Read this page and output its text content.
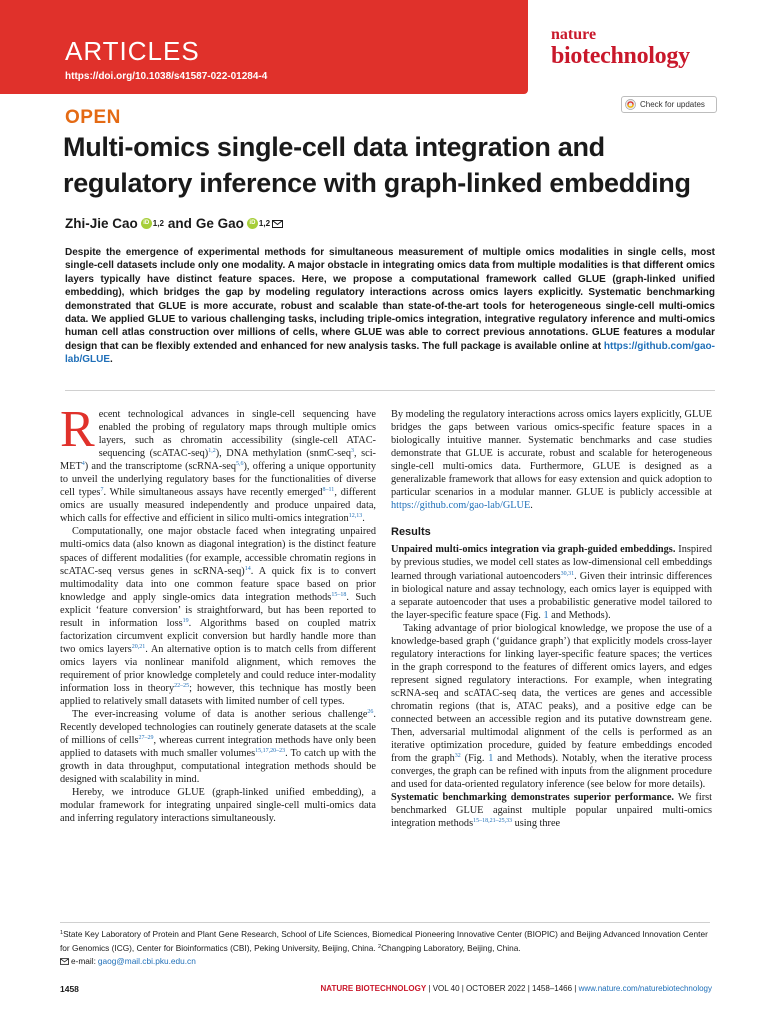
ARTICLES
https://doi.org/10.1038/s41587-022-01284-4
nature
biotechnology
Check for updates
OPEN
Multi-omics single-cell data integration and regulatory inference with graph-linked embedding
Zhi-Jie Cao iD 1,2 and Ge Gao iD 1,2
Despite the emergence of experimental methods for simultaneous measurement of multiple omics modalities in single cells, most single-cell datasets include only one modality. A major obstacle in integrating omics data from multiple modalities is that different omics layers typically have distinct feature spaces. Here, we propose a computational framework called GLUE (graph-linked unified embedding), which bridges the gap by modeling regulatory interactions across omics layers explicitly. Systematic benchmarking demonstrated that GLUE is more accurate, robust and scalable than state-of-the-art tools for heterogeneous single-cell multi-omics data. We applied GLUE to various challenging tasks, including triple-omics integration, integrative regulatory inference and multi-omics human cell atlas construction over millions of cells, where GLUE was able to correct previous annotations. GLUE features a modular design that can be flexibly extended and enhanced for new analysis tasks. The full package is available online at https://github.com/gao-lab/GLUE.

Recent technological advances in single-cell sequencing have enabled the probing of regulatory maps through multiple omics layers, such as chromatin accessibility (single-cell ATAC-sequencing (scATAC-seq)$^{1,2}$), DNA methylation (snmC-seq$^3$, sci-MET$^4$) and the transcriptome (scRNA-seq$^{5,6}$), offering a unique opportunity to unveil the underlying regulatory bases for the functionalities of diverse cell types$^7$. While simultaneous assays have recently emerged$^{8-11}$, different omics are usually measured independently and produce unpaired data, which calls for effective and efficient in silico multi-omics integration$^{12,13}$.

Computationally, one major obstacle faced when integrating unpaired multi-omics data (also known as diagonal integration) is the distinct feature spaces of different modalities (for example, accessible chromatin regions in scATAC-seq versus genes in scRNA-seq)$^{14}$. A quick fix is to convert multimodality data into one common feature space based on prior knowledge and apply single-omics data integration methods$^{15-18}$. Such explicit ‘feature conversion’ is straightforward, but has been reported to result in information loss$^{19}$. Algorithms based on coupled matrix factorization circumvent explicit conversion but hardly handle more than two omics layers$^{20,21}$. An alternative option is to match cells from different omics layers via nonlinear manifold alignment, which removes the requirement of prior knowledge completely and could reduce inter-modality information loss in theory$^{22-25}$; however, this technique has mostly been applied to relatively small datasets with limited number of cell types.

The ever-increasing volume of data is another serious challenge$^{26}$. Recently developed technologies can routinely generate datasets at the scale of millions of cells$^{27-29}$, whereas current integration methods have only been applied to datasets with much smaller volumes$^{15,17,20-23}$. To catch up with the growth in data throughput, computational integration methods should be designed with scalability in mind.

Hereby, we introduce GLUE (graph-linked unified embedding), a modular framework for integrating unpaired single-cell multi-omics data and inferring regulatory interactions simultaneously.

By modeling the regulatory interactions across omics layers explicitly, GLUE bridges the gaps between various omics-specific feature spaces in a biologically intuitive manner. Systematic benchmarks and case studies demonstrate that GLUE is accurate, robust and scalable for heterogeneous single-cell multi-omics data. Furthermore, GLUE is designed as a generalizable framework that allows for easy extension and quick adoption to particular scenarios in a modular manner. GLUE is publicly accessible at https://github.com/gao-lab/GLUE.

Results

Unpaired multi-omics integration via graph-guided embeddings. Inspired by previous studies, we model cell states as low-dimensional cell embeddings learned through variational autoencoders$^{30,31}$. Given their intrinsic differences in biological nature and assay technology, each omics layer is equipped with a separate autoencoder that uses a probabilistic generative model tailored to the layer-specific feature space (Fig. 1 and Methods).

Taking advantage of prior biological knowledge, we propose the use of a knowledge-based graph (‘guidance graph’) that explicitly models cross-layer regulatory interactions for linking layer-specific feature spaces; the vertices in the graph correspond to the features of different omics layers, and edges represent signed regulatory interactions. For example, when integrating scRNA-seq and scATAC-seq data, the vertices are genes and accessible chromatin regions (that is, ATAC peaks), and a positive edge can be connected between an accessible region and its putative downstream gene. Then, adversarial multimodal alignment of the cells is performed as an iterative optimization procedure, guided by feature embeddings encoded from the graph$^{32}$ (Fig. 1 and Methods). Notably, when the iterative process converges, the graph can be refined with inputs from the alignment procedure and used for data-oriented regulatory inference (see below for more details).

Systematic benchmarking demonstrates superior performance. We first benchmarked GLUE against multiple popular unpaired multi-omics integration methods$^{15-18,21-25,33}$ using three

$^1$State Key Laboratory of Protein and Plant Gene Research, School of Life Sciences, Biomedical Pioneering Innovative Center (BIOPIC) and Beijing Advanced Innovation Center for Genomics (ICG), Center for Bioinformatics (CBI), Peking University, Beijing, China. $^2$Changping Laboratory, Beijing, China.
e-mail: gaog@mail.cbi.pku.edu.cn
1458	NATURE BIOTECHNOLOGY | VOL 40 | OCTOBER 2022 | 1458–1466 | www.nature.com/naturebiotechnology
